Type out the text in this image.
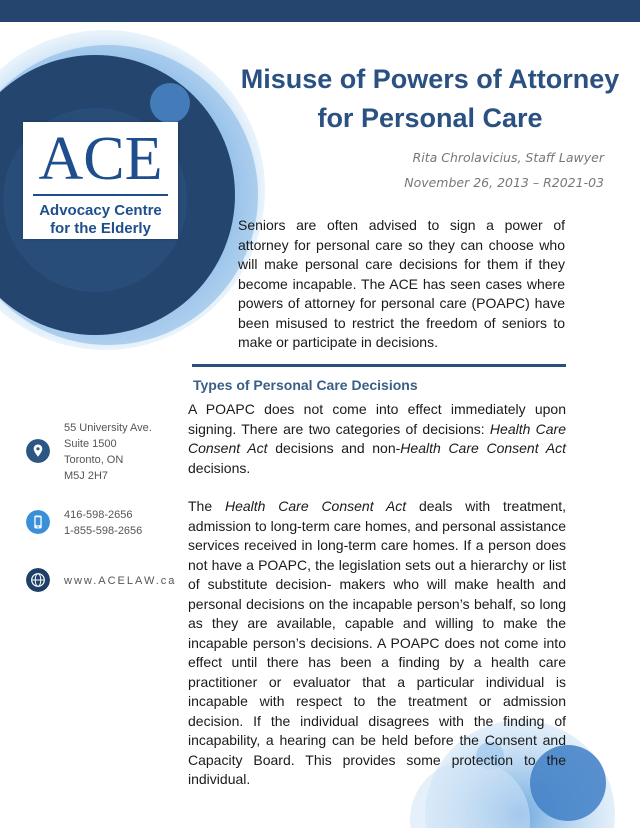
ACE
Advocacy Centre
for the Elderly
Misuse of Powers of Attorney
for Personal Care
Rita Chrolavicius, Staff Lawyer
November 26, 2013 – R2021-03
Seniors are often advised to sign a power of attorney for personal care so they can choose who will make personal care decisions for them if they become incapable. The ACE has seen cases where powers of attorney for personal care (POAPC) have been misused to restrict the freedom of seniors to make or participate in decisions.
Types of Personal Care Decisions

A POAPC does not come into effect immediately upon signing. There are two categories of decisions: Health Care Consent Act decisions and non-Health Care Consent Act decisions.

The Health Care Consent Act deals with treatment, admission to long-term care homes, and personal assistance services received in long-term care homes. If a person does not have a POAPC, the legislation sets out a hierarchy or list of substitute decision- makers who will make health and personal decisions on the incapable person’s behalf, so long as they are available, capable and willing to make the incapable person’s decisions. A POAPC does not come into effect until there has been a finding by a health care practitioner or evaluator that a particular individual is incapable with respect to the treatment or admission decision. If the individual disagrees with the finding of incapability, a hearing can be held before the Consent and Capacity Board. This provides some protection to the individual.

55 University Ave.
Suite 1500
Toronto, ON
M5J 2H7
416-598-2656
1-855-598-2656
www.ACELAW.ca
